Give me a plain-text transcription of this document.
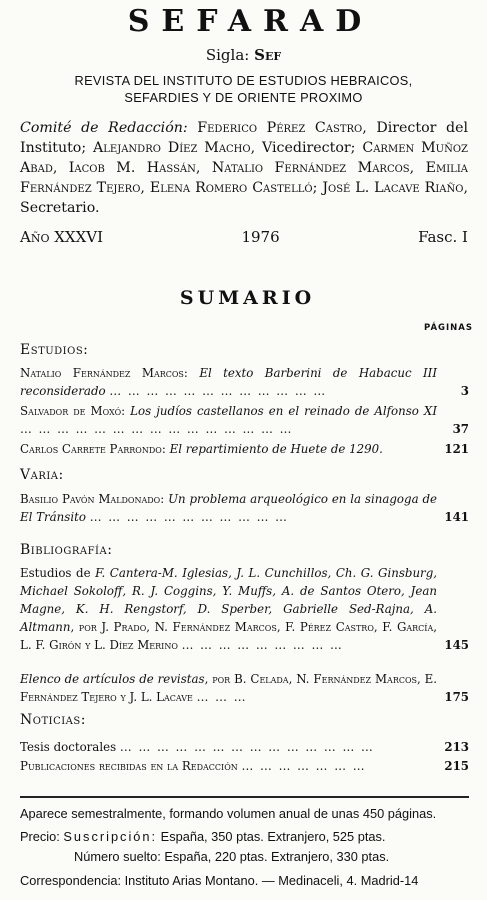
SEFARAD
Sigla: Sef
REVISTA DEL INSTITUTO DE ESTUDIOS HEBRAICOS,
SEFARDIES Y DE ORIENTE PROXIMO
Comité de Redacción: Federico Pérez Castro, Director del Instituto; Alejandro Díez Macho, Vicedirector; Carmen Muñoz Abad, Iacob M. Hassán, Natalio Fernández Marcos, Emilia Fernández Tejero, Elena Romero Castelló; José L. Lacave Riaño, Secretario.
Año XXXVI	1976	Fasc. I
SUMARIO
PÁGINAS
Estudios:
Natalio Fernández Marcos: El texto Barberini de Habacuc III reconsiderado … … … … … … … … … … … …	3
Salvador de Moxó: Los judíos castellanos en el reinado de Alfonso XI … … … … … … … … … … … … … … …	37
Carlos Carrete Parrondo: El repartimiento de Huete de 1290.	121
Varia:
Basilio Pavón Maldonado: Un problema arqueológico en la sinagoga de El Tránsito … … … … … … … … … … …	141
Bibliografía:
Estudios de F. Cantera-M. Iglesias, J. L. Cunchillos, Ch. G. Ginsburg, Michael Sokoloff, R. J. Coggins, Y. Muffs, A. de Santos Otero, Jean Magne, K. H. Rengstorf, D. Sperber, Gabrielle Sed-Rajna, A. Altmann, por J. Prado, N. Fernández Marcos, F. Pérez Castro, F. García, L. F. Girón y L. Díez Merino … … … … … … … … …	145
Elenco de artículos de revistas, por B. Celada, N. Fernández Marcos, E. Fernández Tejero y J. L. Lacave … … …	175
Noticias:
Tesis doctorales … … … … … … … … … … … … … …	213
Publicaciones recibidas en la Redacción … … … … … … …	215
Aparece semestralmente, formando volumen anual de unas 450 páginas.
Precio: Suscripción: España, 350 ptas. Extranjero, 525 ptas.
Número suelto: España, 220 ptas. Extranjero, 330 ptas.
Correspondencia: Instituto Arias Montano. — Medinaceli, 4. Madrid-14
